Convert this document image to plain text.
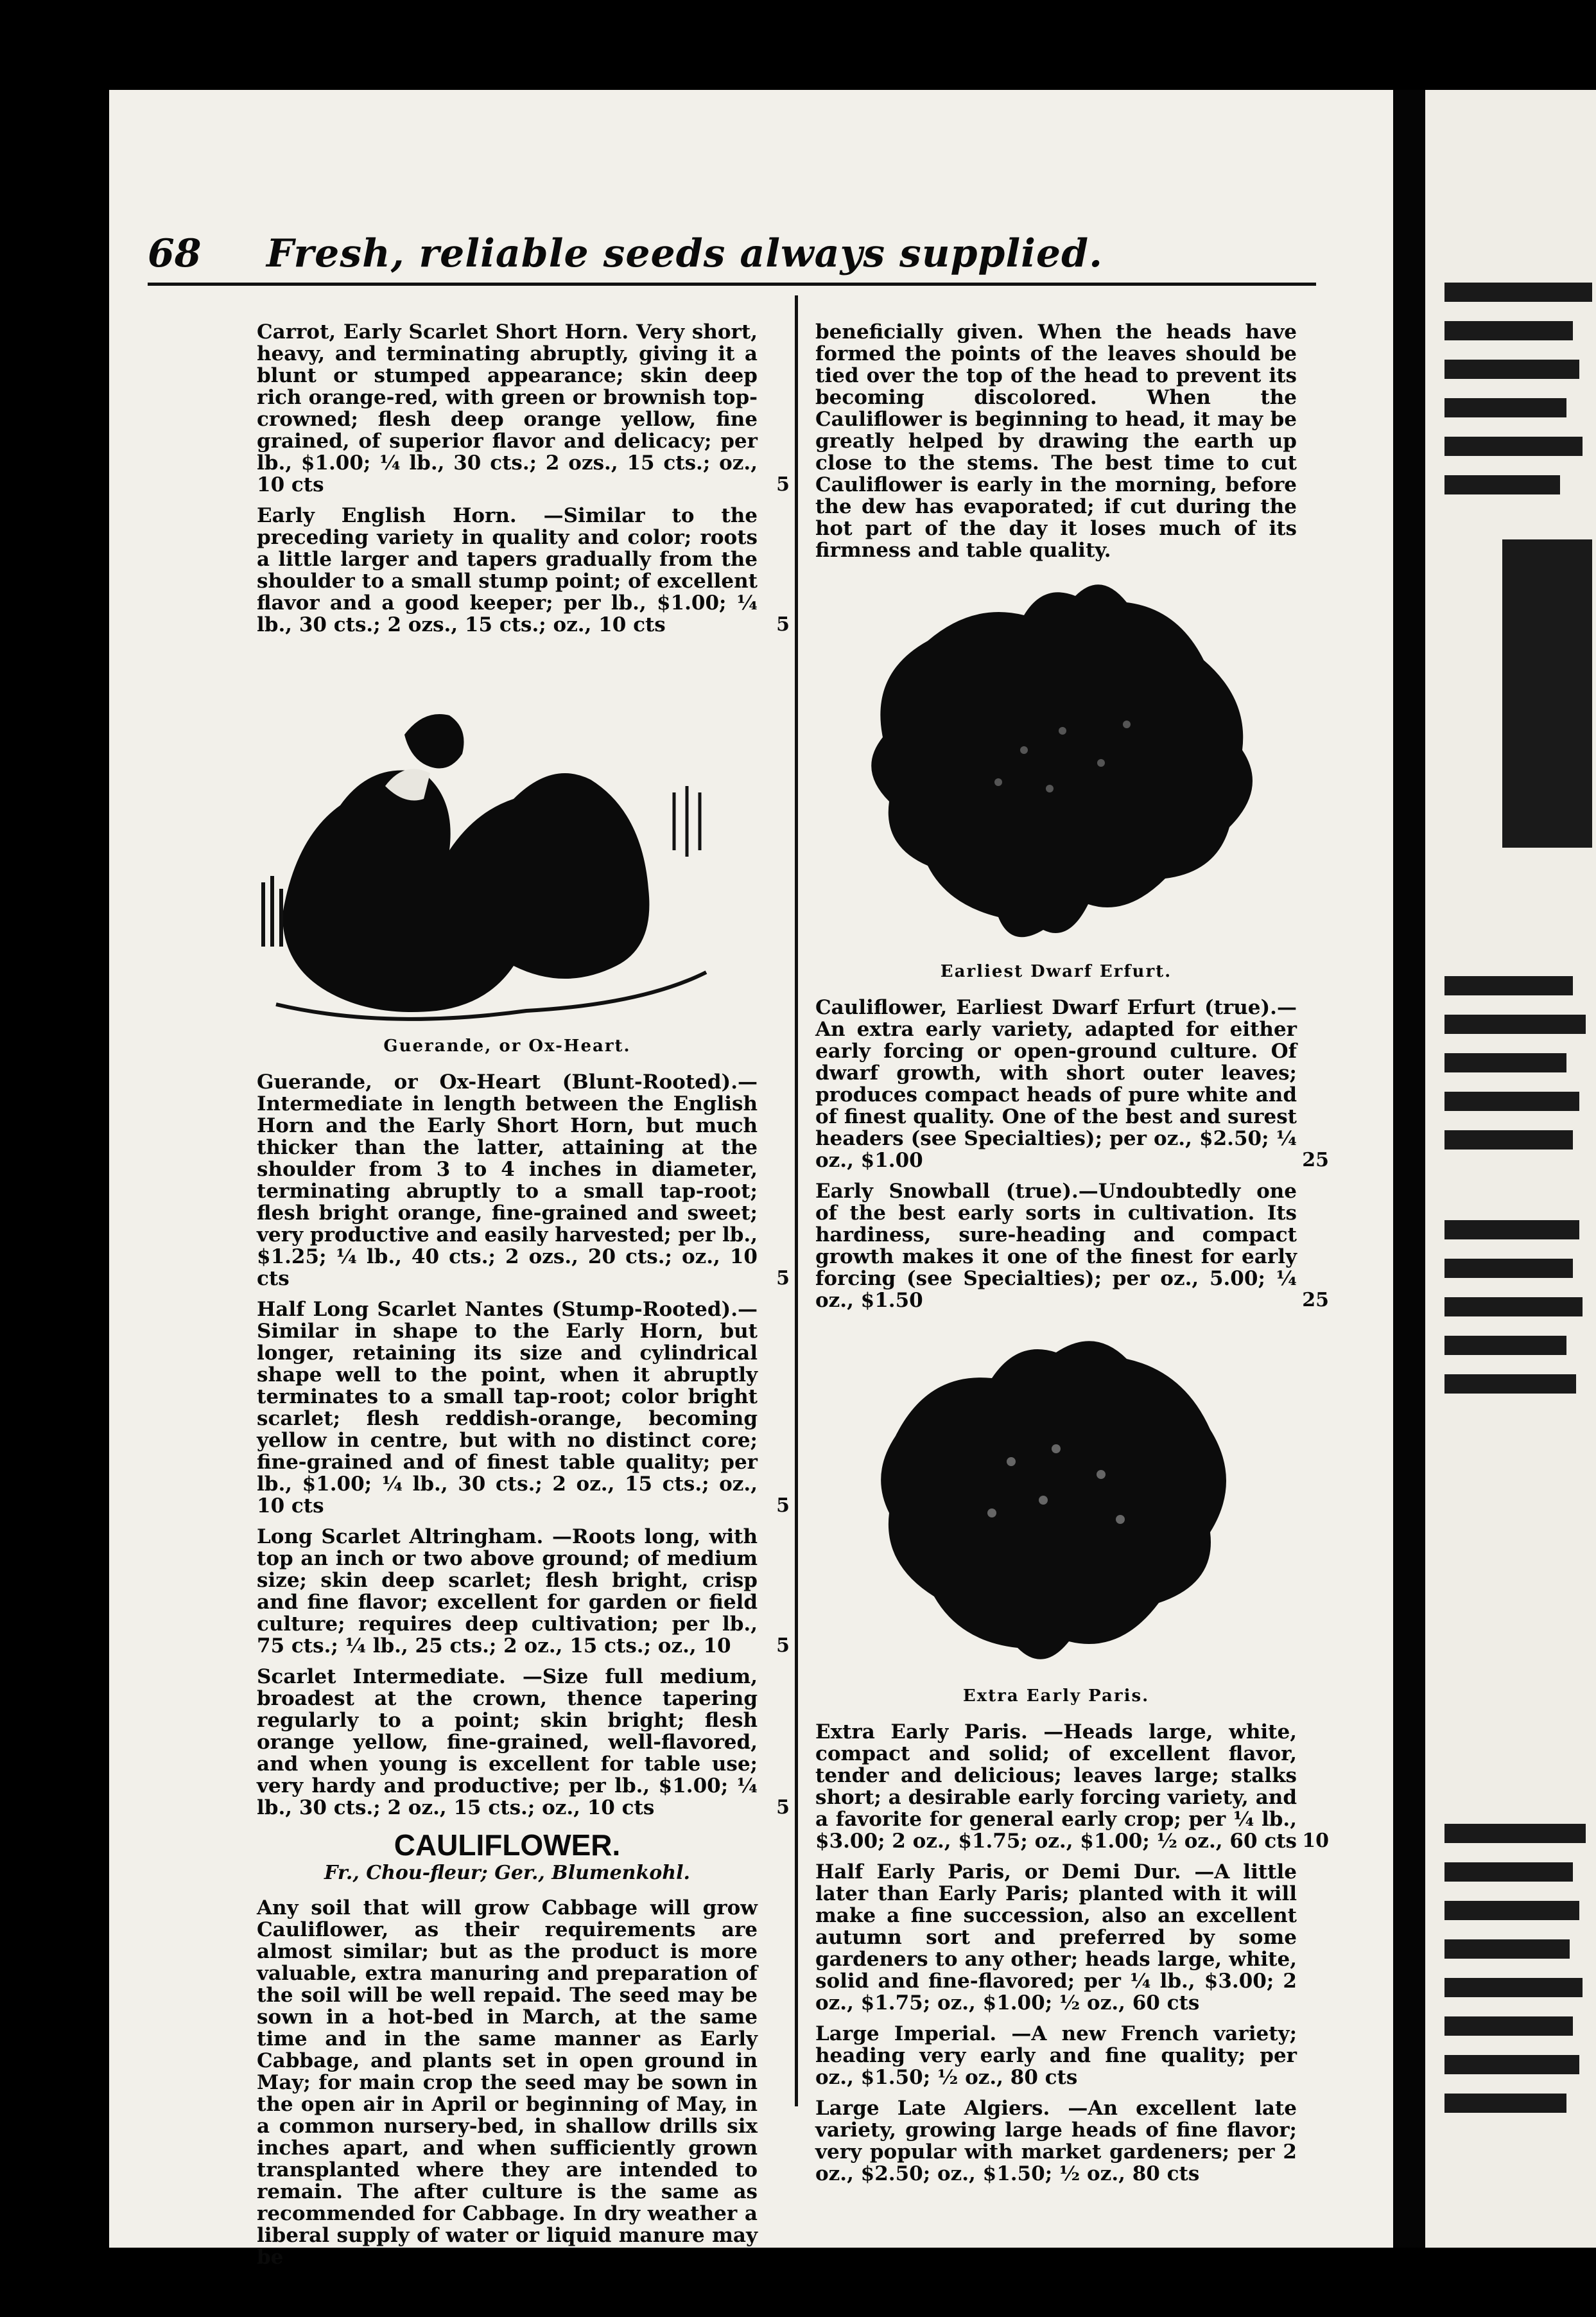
68 Fresh, reliable seeds always supplied.
Carrot, Early Scarlet Short Horn. Very short, heavy, and terminating abruptly, giving it a blunt or stumped appearance; skin deep rich orange-red, with green or brownish top-crowned; flesh deep orange yellow, fine grained, of superior flavor and delicacy; per lb., $1.00; ¼ lb., 30 cts.; 2 ozs., 15 cts.; oz., 10 cts	5
Early English Horn. —Similar to the preceding variety in quality and color; roots a little larger and tapers gradually from the shoulder to a small stump point; of excellent flavor and a good keeper; per lb., $1.00; ¼ lb., 30 cts.; 2 ozs., 15 cts.; oz., 10 cts	5
Guerande, or Ox-Heart.
Guerande, or Ox-Heart (Blunt-Rooted).—Intermediate in length between the English Horn and the Early Short Horn, but much thicker than the latter, attaining at the shoulder from 3 to 4 inches in diameter, terminating abruptly to a small tap-root; flesh bright orange, fine-grained and sweet; very productive and easily harvested; per lb., $1.25; ¼ lb., 40 cts.; 2 ozs., 20 cts.; oz., 10 cts	5
Half Long Scarlet Nantes (Stump-Rooted).—Similar in shape to the Early Horn, but longer, retaining its size and cylindrical shape well to the point, when it abruptly terminates to a small tap-root; color bright scarlet; flesh reddish-orange, becoming yellow in centre, but with no distinct core; fine-grained and of finest table quality; per lb., $1.00; ¼ lb., 30 cts.; 2 oz., 15 cts.; oz., 10 cts	5
Long Scarlet Altringham. —Roots long, with top an inch or two above ground; of medium size; skin deep scarlet; flesh bright, crisp and fine flavor; excellent for garden or field culture; requires deep cultivation; per lb., 75 cts.; ¼ lb., 25 cts.; 2 oz., 15 cts.; oz., 10 5
Scarlet Intermediate. —Size full medium, broadest at the crown, thence tapering regularly to a point; skin bright; flesh orange yellow, fine-grained, well-flavored, and when young is excellent for table use; very hardy and productive; per lb., $1.00; ¼ lb., 30 cts.; 2 oz., 15 cts.; oz., 10 cts	5
CAULIFLOWER.
Fr., Chou-fleur; Ger., Blumenkohl.

Any soil that will grow Cabbage will grow Cauliflower, as their requirements are almost similar; but as the product is more valuable, extra manuring and preparation of the soil will be well repaid. The seed may be sown in a hot-bed in March, at the same time and in the same manner as Early Cabbage, and plants set in open ground in May; for main crop the seed may be sown in the open air in April or beginning of May, in a common nursery-bed, in shallow drills six inches apart, and when sufficiently grown transplanted where they are intended to remain. The after culture is the same as recommended for Cabbage. In dry weather a liberal supply of water or liquid manure may be

beneficially given. When the heads have formed the points of the leaves should be tied over the top of the head to prevent its becoming discolored. When the Cauliflower is beginning to head, it may be greatly helped by drawing the earth up close to the stems. The best time to cut Cauliflower is early in the morning, before the dew has evaporated; if cut during the hot part of the day it loses much of its firmness and table quality.

Earliest Dwarf Erfurt.
Cauliflower, Earliest Dwarf Erfurt (true).—An extra early variety, adapted for either early forcing or open-ground culture. Of dwarf growth, with short outer leaves; produces compact heads of pure white and of finest quality. One of the best and surest headers (see Specialties); per oz., $2.50; ¼ oz., $1.00	25
Early Snowball (true).—Undoubtedly one of the best early sorts in cultivation. Its hardiness, sure-heading and compact growth makes it one of the finest for early forcing (see Specialties); per oz., 5.00; ¼ oz., $1.50	25
Extra Early Paris.
Extra Early Paris. —Heads large, white, compact and solid; of excellent flavor, tender and delicious; leaves large; stalks short; a desirable early forcing variety, and a favorite for general early crop; per ¼ lb., $3.00; 2 oz., $1.75; oz., $1.00; ½ oz., 60 cts 10
Half Early Paris, or Demi Dur. —A little later than Early Paris; planted with it will make a fine succession, also an excellent autumn sort and preferred by some gardeners to any other; heads large, white, solid and fine-flavored; per ¼ lb., $3.00; 2 oz., $1.75; oz., $1.00; ½ oz., 60 cts
Large Imperial. —A new French variety; heading very early and fine quality; per oz., $1.50; ½ oz., 80 cts
Large Late Algiers. —An excellent late variety, growing large heads of fine flavor; very popular with market gardeners; per 2 oz., $2.50; oz., $1.50; ½ oz., 80 cts
